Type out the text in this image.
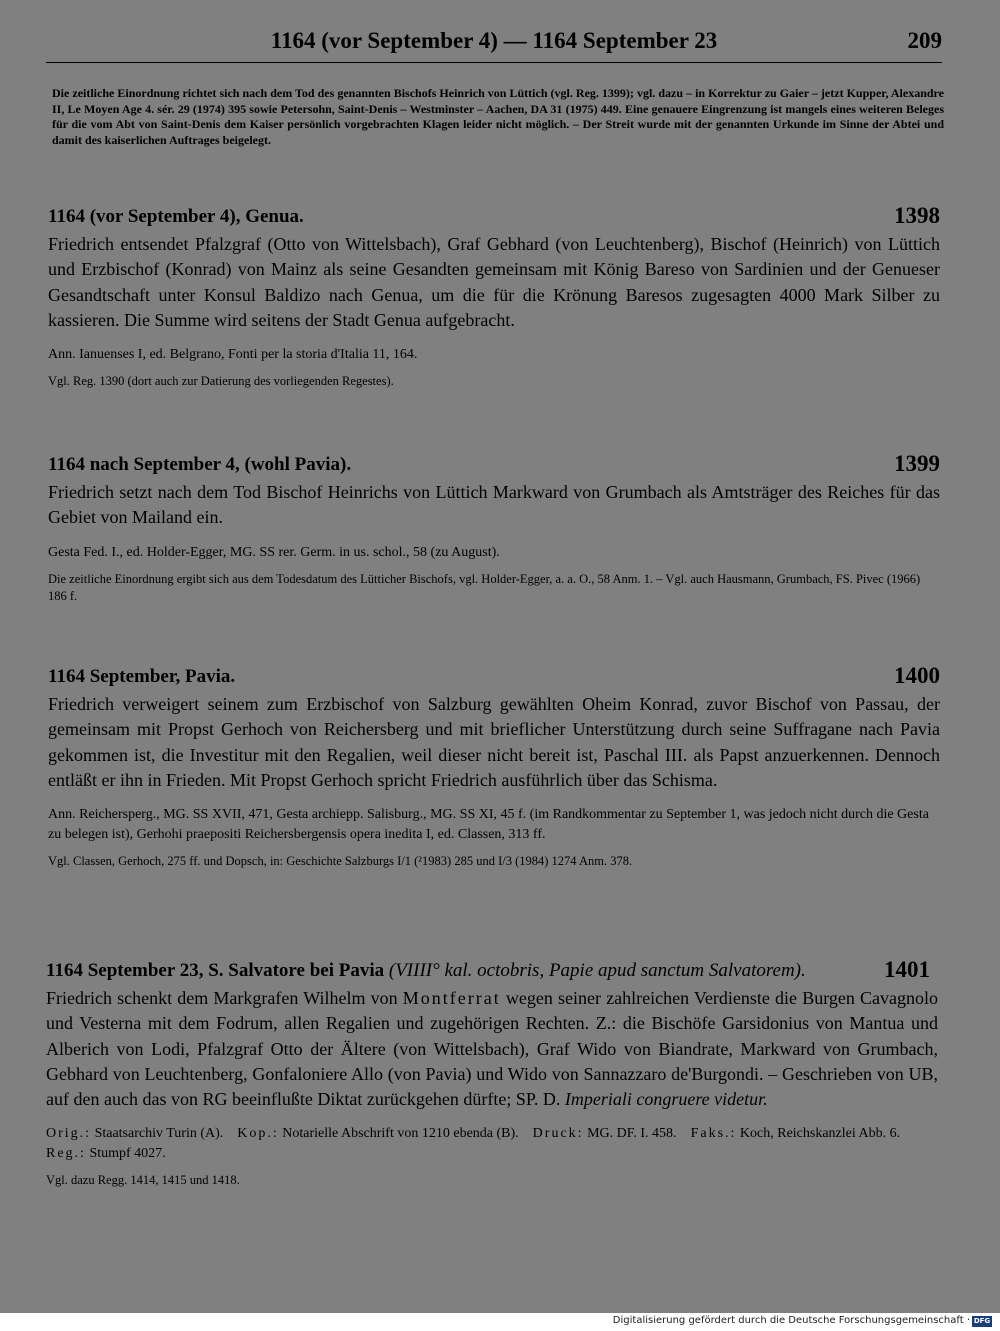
1164 (vor September 4) — 1164 September 23	209
Die zeitliche Einordnung richtet sich nach dem Tod des genannten Bischofs Heinrich von Lüttich (vgl. Reg. 1399); vgl. dazu – in Korrektur zu Gaier – jetzt Kupper, Alexandre II, Le Moyen Age 4. sér. 29 (1974) 395 sowie Petersohn, Saint-Denis – Westminster – Aachen, DA 31 (1975) 449. Eine genauere Eingrenzung ist mangels eines weiteren Beleges für die vom Abt von Saint-Denis dem Kaiser persönlich vorgebrachten Klagen leider nicht möglich. – Der Streit wurde mit der genannten Urkunde im Sinne der Abtei und damit des kaiserlichen Auftrages beigelegt.
1164 (vor September 4), Genua.	1398
Friedrich entsendet Pfalzgraf (Otto von Wittelsbach), Graf Gebhard (von Leuchtenberg), Bischof (Heinrich) von Lüttich und Erzbischof (Konrad) von Mainz als seine Gesandten gemeinsam mit König Bareso von Sardinien und der Genueser Gesandtschaft unter Konsul Baldizo nach Genua, um die für die Krönung Baresos zugesagten 4000 Mark Silber zu kassieren. Die Summe wird seitens der Stadt Genua aufgebracht.
Ann. Ianuenses I, ed. Belgrano, Fonti per la storia d'Italia 11, 164.
Vgl. Reg. 1390 (dort auch zur Datierung des vorliegenden Regestes).
1164 nach September 4, (wohl Pavia).	1399
Friedrich setzt nach dem Tod Bischof Heinrichs von Lüttich Markward von Grumbach als Amtsträger des Reiches für das Gebiet von Mailand ein.
Gesta Fed. I., ed. Holder-Egger, MG. SS rer. Germ. in us. schol., 58 (zu August).
Die zeitliche Einordnung ergibt sich aus dem Todesdatum des Lütticher Bischofs, vgl. Holder-Egger, a. a. O., 58 Anm. 1. – Vgl. auch Hausmann, Grumbach, FS. Pivec (1966) 186 f.
1164 September, Pavia.	1400
Friedrich verweigert seinem zum Erzbischof von Salzburg gewählten Oheim Konrad, zuvor Bischof von Passau, der gemeinsam mit Propst Gerhoch von Reichersberg und mit brieflicher Unterstützung durch seine Suffragane nach Pavia gekommen ist, die Investitur mit den Regalien, weil dieser nicht bereit ist, Paschal III. als Papst anzuerkennen. Dennoch entläßt er ihn in Frieden. Mit Propst Gerhoch spricht Friedrich ausführlich über das Schisma.
Ann. Reichersperg., MG. SS XVII, 471, Gesta archiepp. Salisburg., MG. SS XI, 45 f. (im Randkommentar zu September 1, was jedoch nicht durch die Gesta zu belegen ist), Gerhohi praepositi Reichersbergensis opera inedita I, ed. Classen, 313 ff.
Vgl. Classen, Gerhoch, 275 ff. und Dopsch, in: Geschichte Salzburgs I/1 (²1983) 285 und I/3 (1984) 1274 Anm. 378.
1164 September 23, S. Salvatore bei Pavia (VIIII° kal. octobris, Papie apud sanctum Salvatorem).	1401
Friedrich schenkt dem Markgrafen Wilhelm von Montferrat wegen seiner zahlreichen Verdienste die Burgen Cavagnolo und Vesterna mit dem Fodrum, allen Regalien und zugehörigen Rechten. Z.: die Bischöfe Garsidonius von Mantua und Alberich von Lodi, Pfalzgraf Otto der Ältere (von Wittelsbach), Graf Wido von Biandrate, Markward von Grumbach, Gebhard von Leuchtenberg, Gonfaloniere Allo (von Pavia) und Wido von Sannazzaro de'Burgondi. – Geschrieben von UB, auf den auch das von RG beeinflußte Diktat zurückgehen dürfte; SP. D. Imperiali congruere videtur.
Orig.: Staatsarchiv Turin (A). Kop.: Notarielle Abschrift von 1210 ebenda (B). Druck: MG. DF. I. 458. Faks.: Koch, Reichskanzlei Abb. 6.    Reg.: Stumpf 4027.
Vgl. dazu Regg. 1414, 1415 und 1418.
Digitalisierung gefördert durch die Deutsche Forschungsgemeinschaft · DFG
